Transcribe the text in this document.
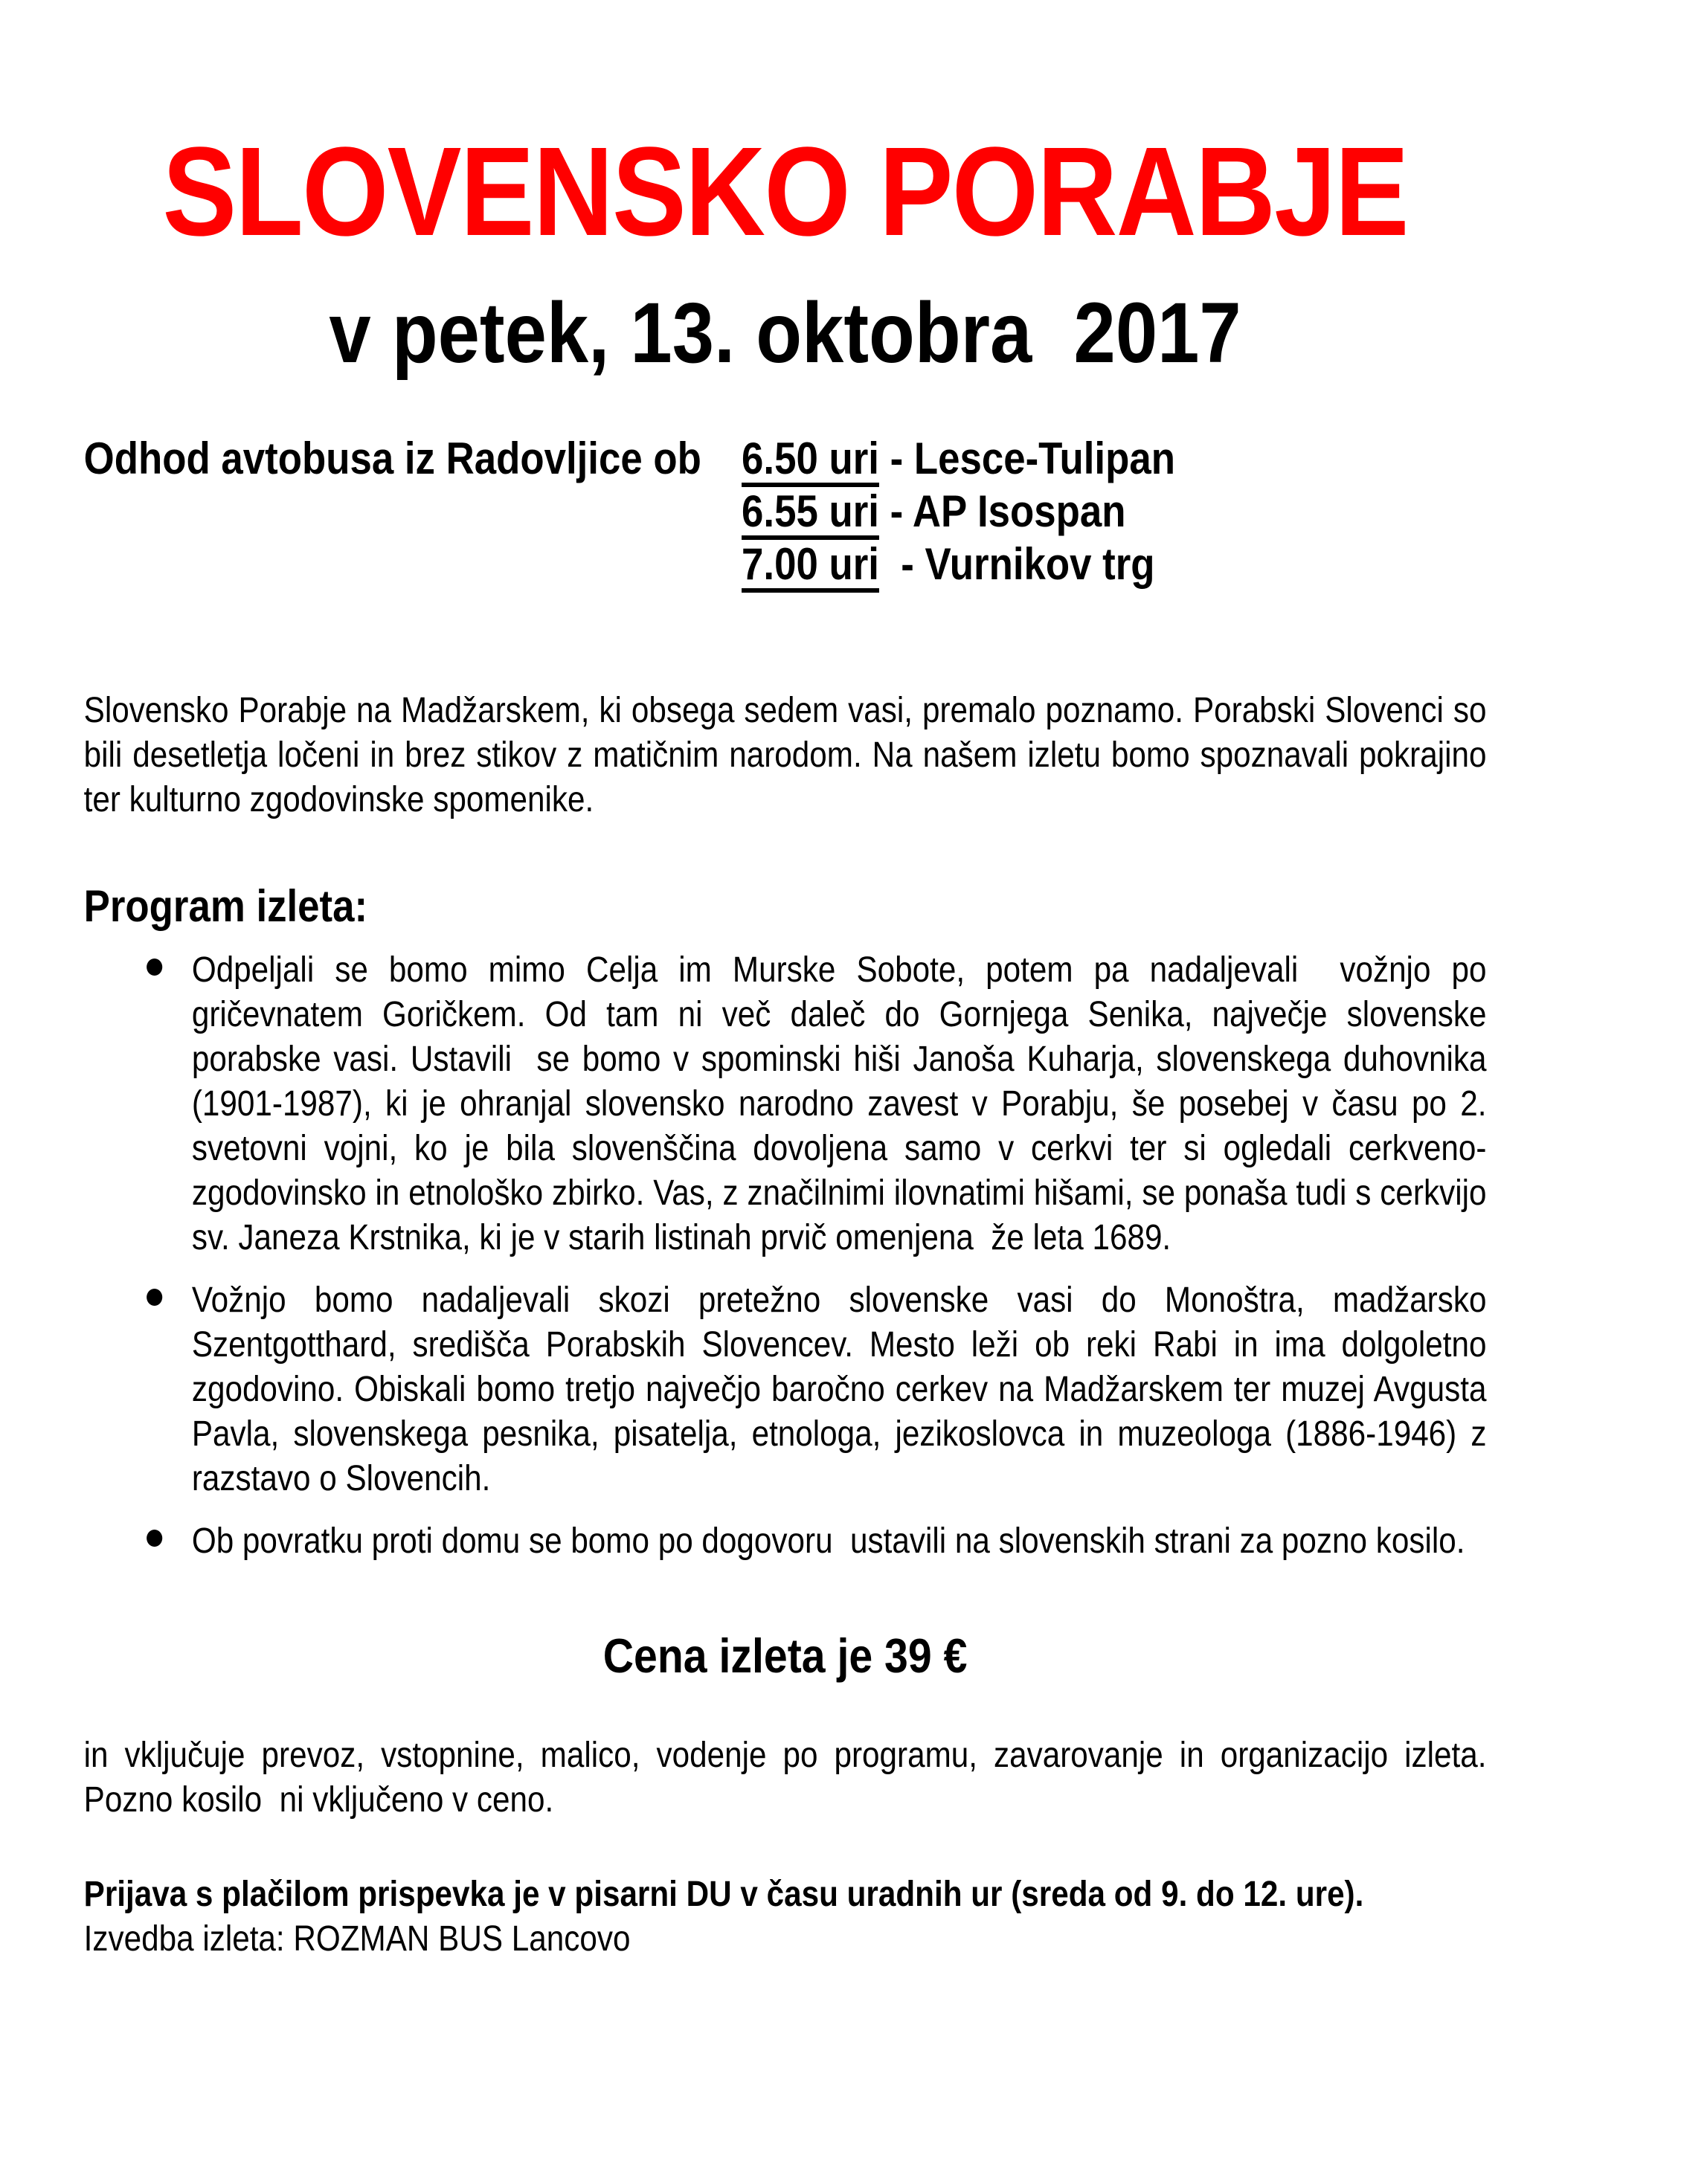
SLOVENSKO PORABJE
v petek, 13. oktobra  2017
Odhod avtobusa iz Radovljice ob 6.50 uri - Lesce-Tulipan
6.55 uri - AP Isospan
7.00 uri  - Vurnikov trg
Slovensko Porabje na Madžarskem, ki obsega sedem vasi, premalo poznamo. Porabski Slovenci so bili desetletja ločeni in brez stikov z matičnim narodom. Na našem izletu bomo spoznavali pokrajino ter kulturno zgodovinske spomenike.
Program izleta:
Odpeljali se bomo mimo Celja im Murske Sobote, potem pa nadaljevali  vožnjo po gričevnatem Goričkem. Od tam ni več daleč do Gornjega Senika, največje slovenske porabske vasi. Ustavili  se bomo v spominski hiši Janoša Kuharja, slovenskega duhovnika (1901-1987), ki je ohranjal slovensko narodno zavest v Porabju, še posebej v času po 2. svetovni vojni, ko je bila slovenščina dovoljena samo v cerkvi ter si ogledali cerkveno-zgodovinsko in etnološko zbirko. Vas, z značilnimi ilovnatimi hišami, se ponaša tudi s cerkvijo sv. Janeza Krstnika, ki je v starih listinah prvič omenjena  že leta 1689.
Vožnjo bomo nadaljevali skozi pretežno slovenske vasi do Monoštra, madžarsko Szentgotthard, središča Porabskih Slovencev. Mesto leži ob reki Rabi in ima dolgoletno zgodovino. Obiskali bomo tretjo največjo baročno cerkev na Madžarskem ter muzej Avgusta Pavla, slovenskega pesnika, pisatelja, etnologa, jezikoslovca in muzeologa (1886-1946) z razstavo o Slovencih.
Ob povratku proti domu se bomo po dogovoru  ustavili na slovenskih strani za pozno kosilo.
Cena izleta je 39 €
in vključuje prevoz, vstopnine, malico, vodenje po programu, zavarovanje in organizacijo izleta. Pozno kosilo  ni vključeno v ceno.
Prijava s plačilom prispevka je v pisarni DU v času uradnih ur (sreda od 9. do 12. ure).
Izvedba izleta: ROZMAN BUS Lancovo
